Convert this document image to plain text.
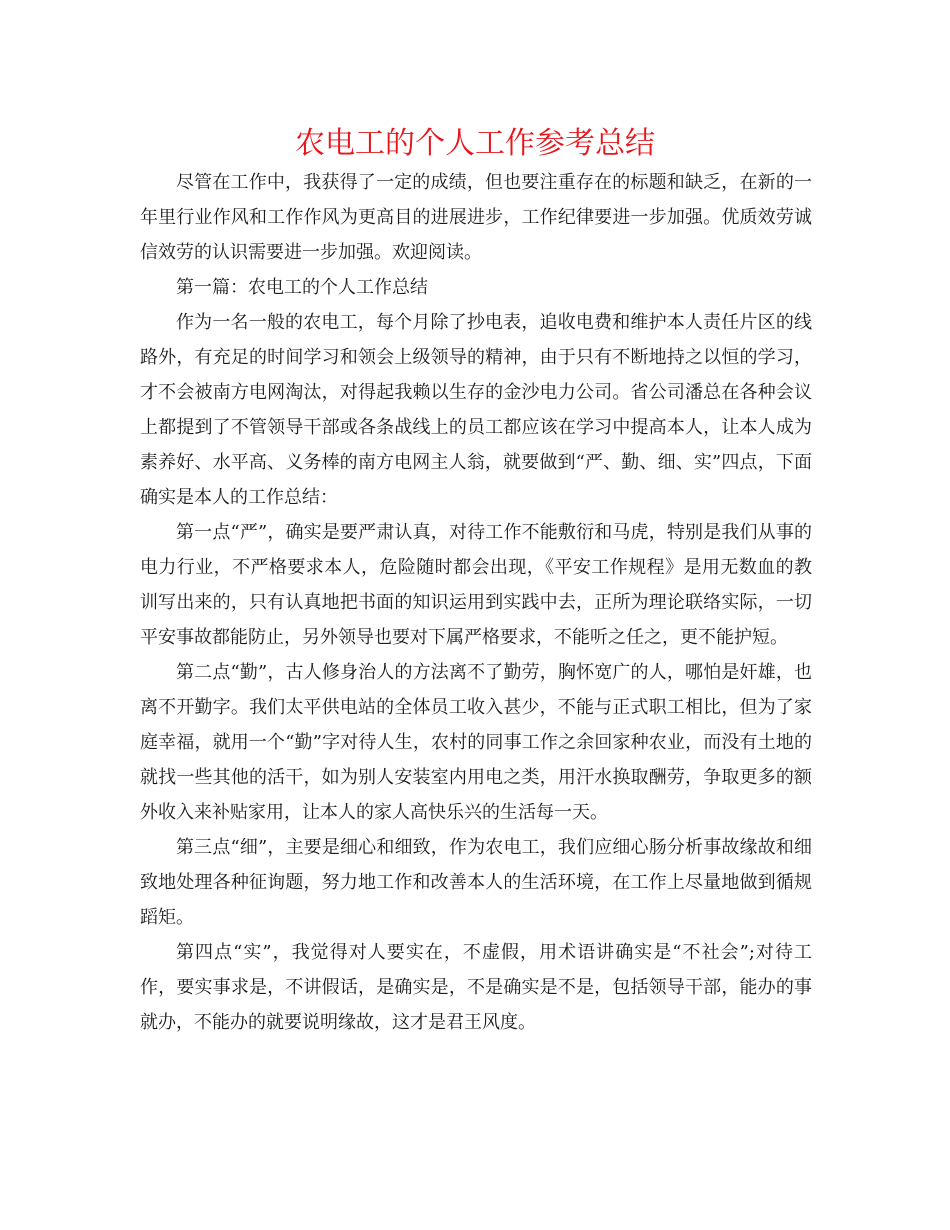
农电工的个人工作参考总结

尽管在工作中，我获得了一定的成绩，但也要注重存在的标题和缺乏，在新的一年里行业作风和工作作风为更高目的进展进步，工作纪律要进一步加强。优质效劳诚信效劳的认识需要进一步加强。欢迎阅读。

第一篇：农电工的个人工作总结

作为一名一般的农电工，每个月除了抄电表，追收电费和维护本人责任片区的线路外，有充足的时间学习和领会上级领导的精神，由于只有不断地持之以恒的学习，才不会被南方电网淘汰，对得起我赖以生存的金沙电力公司。省公司潘总在各种会议上都提到了不管领导干部或各条战线上的员工都应该在学习中提高本人，让本人成为素养好、水平高、义务棒的南方电网主人翁，就要做到“严、勤、细、实”四点，下面确实是本人的工作总结：

第一点“严”，确实是要严肃认真，对待工作不能敷衍和马虎，特别是我们从事的电力行业，不严格要求本人，危险随时都会出现，《平安工作规程》是用无数血的教训写出来的，只有认真地把书面的知识运用到实践中去，正所为理论联络实际，一切平安事故都能防止，另外领导也要对下属严格要求，不能听之任之，更不能护短。

第二点“勤”，古人修身治人的方法离不了勤劳，胸怀宽广的人，哪怕是奸雄，也离不开勤字。我们太平供电站的全体员工收入甚少，不能与正式职工相比，但为了家庭幸福，就用一个“勤”字对待人生，农村的同事工作之余回家种农业，而没有土地的就找一些其他的活干，如为别人安装室内用电之类，用汗水换取酬劳，争取更多的额外收入来补贴家用，让本人的家人高快乐兴的生活每一天。

第三点“细”，主要是细心和细致，作为农电工，我们应细心肠分析事故缘故和细致地处理各种征询题，努力地工作和改善本人的生活环境，在工作上尽量地做到循规蹈矩。

第四点“实”，我觉得对人要实在，不虚假，用术语讲确实是“不社会”;对待工作，要实事求是，不讲假话，是确实是，不是确实是不是，包括领导干部，能办的事就办，不能办的就要说明缘故，这才是君王风度。
